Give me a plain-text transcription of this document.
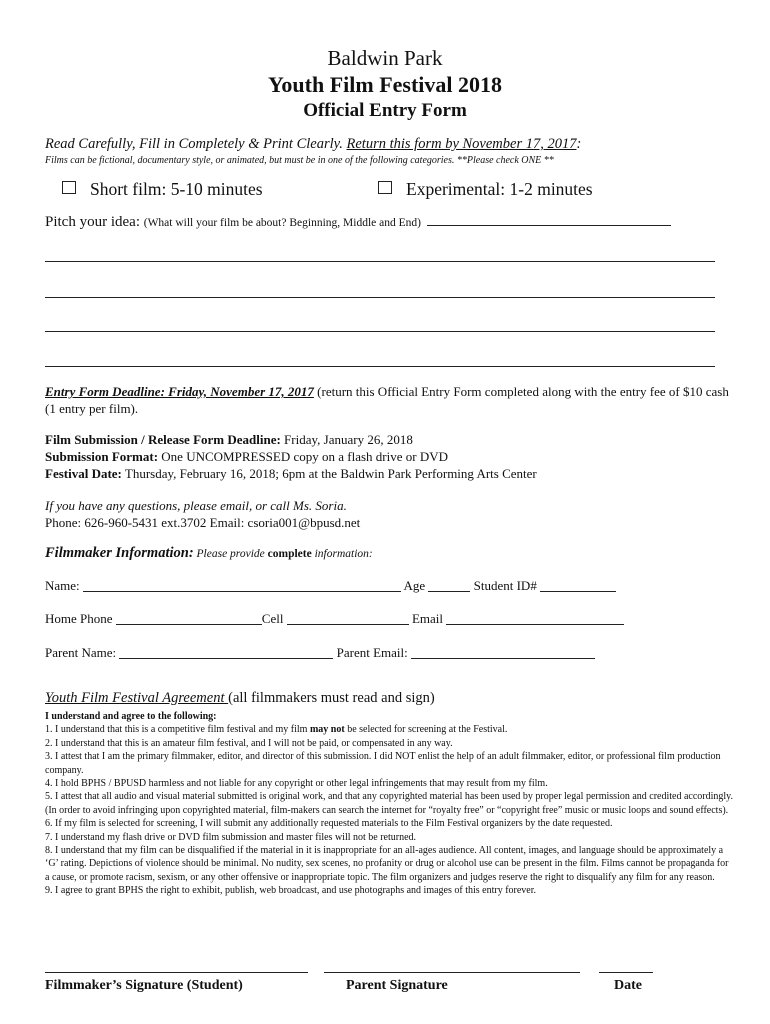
Baldwin Park
Youth Film Festival 2018
Official Entry Form
Read Carefully, Fill in Completely & Print Clearly. Return this form by November 17, 2017:
Films can be fictional, documentary style, or animated, but must be in one of the following categories. **Please check ONE **
Short film: 5-10 minutes	Experimental: 1-2 minutes
Pitch your idea: (What will your film be about? Beginning, Middle and End)
Entry Form Deadline: Friday, November 17, 2017 (return this Official Entry Form completed along with the entry fee of $10 cash (1 entry per film).
Film Submission / Release Form Deadline: Friday, January 26, 2018
Submission Format: One UNCOMPRESSED copy on a flash drive or DVD
Festival Date: Thursday, February 16, 2018; 6pm at the Baldwin Park Performing Arts Center
If you have any questions, please email, or call Ms. Soria.
Phone: 626-960-5431 ext.3702 Email: csoria001@bpusd.net
Filmmaker Information: Please provide complete information:
Name:	Age	Student ID#
Home Phone	Cell	Email
Parent Name:	Parent Email:
Youth Film Festival Agreement (all filmmakers must read and sign)

I understand and agree to the following:

1. I understand that this is a competitive film festival and my film may not be selected for screening at the Festival.

2. I understand that this is an amateur film festival, and I will not be paid, or compensated in any way.

3. I attest that I am the primary filmmaker, editor, and director of this submission. I did NOT enlist the help of an adult filmmaker, editor, or professional film production company.

4. I hold BPHS / BPUSD harmless and not liable for any copyright or other legal infringements that may result from my film.

5. I attest that all audio and visual material submitted is original work, and that any copyrighted material has been used by proper legal permission and credited accordingly. (In order to avoid infringing upon copyrighted material, film-makers can search the internet for “royalty free” or “copyright free” music or music loops and sound effects).

6. If my film is selected for screening, I will submit any additionally requested materials to the Film Festival organizers by the date requested.

7. I understand my flash drive or DVD film submission and master files will not be returned.

8. I understand that my film can be disqualified if the material in it is inappropriate for an all-ages audience. All content, images, and language should be approximately a ‘G’ rating. Depictions of violence should be minimal. No nudity, sex scenes, no profanity or drug or alcohol use can be present in the film. Films cannot be propaganda for a cause, or promote racism, sexism, or any other offensive or inappropriate topic. The film organizers and judges reserve the right to disqualify any film for any reason.

9. I agree to grant BPHS the right to exhibit, publish, web broadcast, and use photographs and images of this entry forever.

Filmmaker’s Signature (Student)	Parent Signature	Date
